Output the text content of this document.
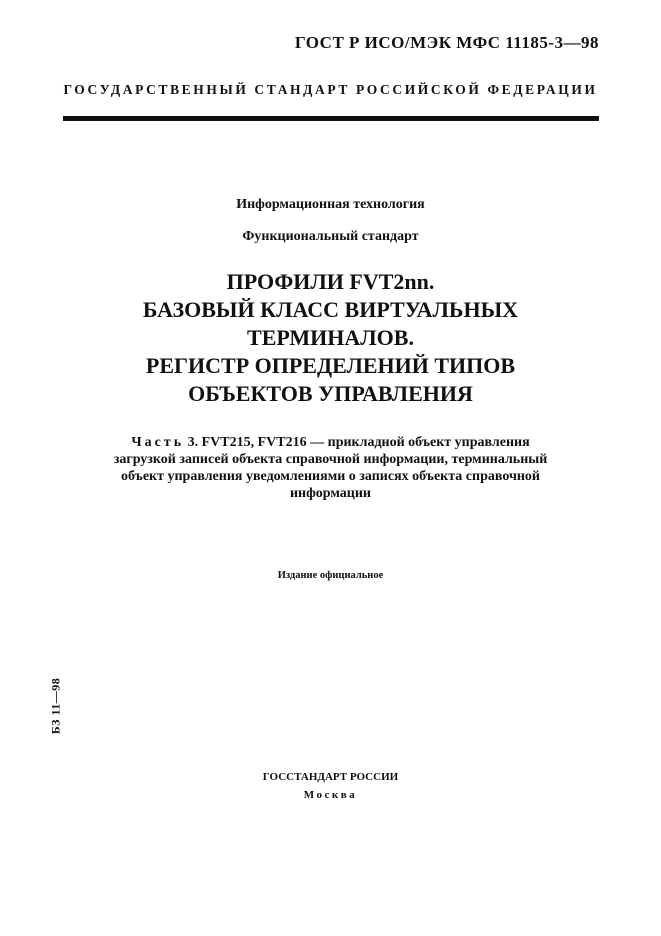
ГОСТ Р ИСО/МЭК МФС 11185-3—98
ГОСУДАРСТВЕННЫЙ СТАНДАРТ РОССИЙСКОЙ ФЕДЕРАЦИИ
Информационная технология
Функциональный стандарт
ПРОФИЛИ FVT2nn.
БАЗОВЫЙ КЛАСС ВИРТУАЛЬНЫХ
ТЕРМИНАЛОВ.
РЕГИСТР ОПРЕДЕЛЕНИЙ ТИПОВ
ОБЪЕКТОВ УПРАВЛЕНИЯ
Часть 3. FVT215, FVT216 — прикладной объект управления
загрузкой записей объекта справочной информации, терминальный
объект управления уведомлениями о записях объекта справочной
информации
Издание официальное
БЗ 11—98
ГОССТАНДАРТ РОССИИ
Москва
